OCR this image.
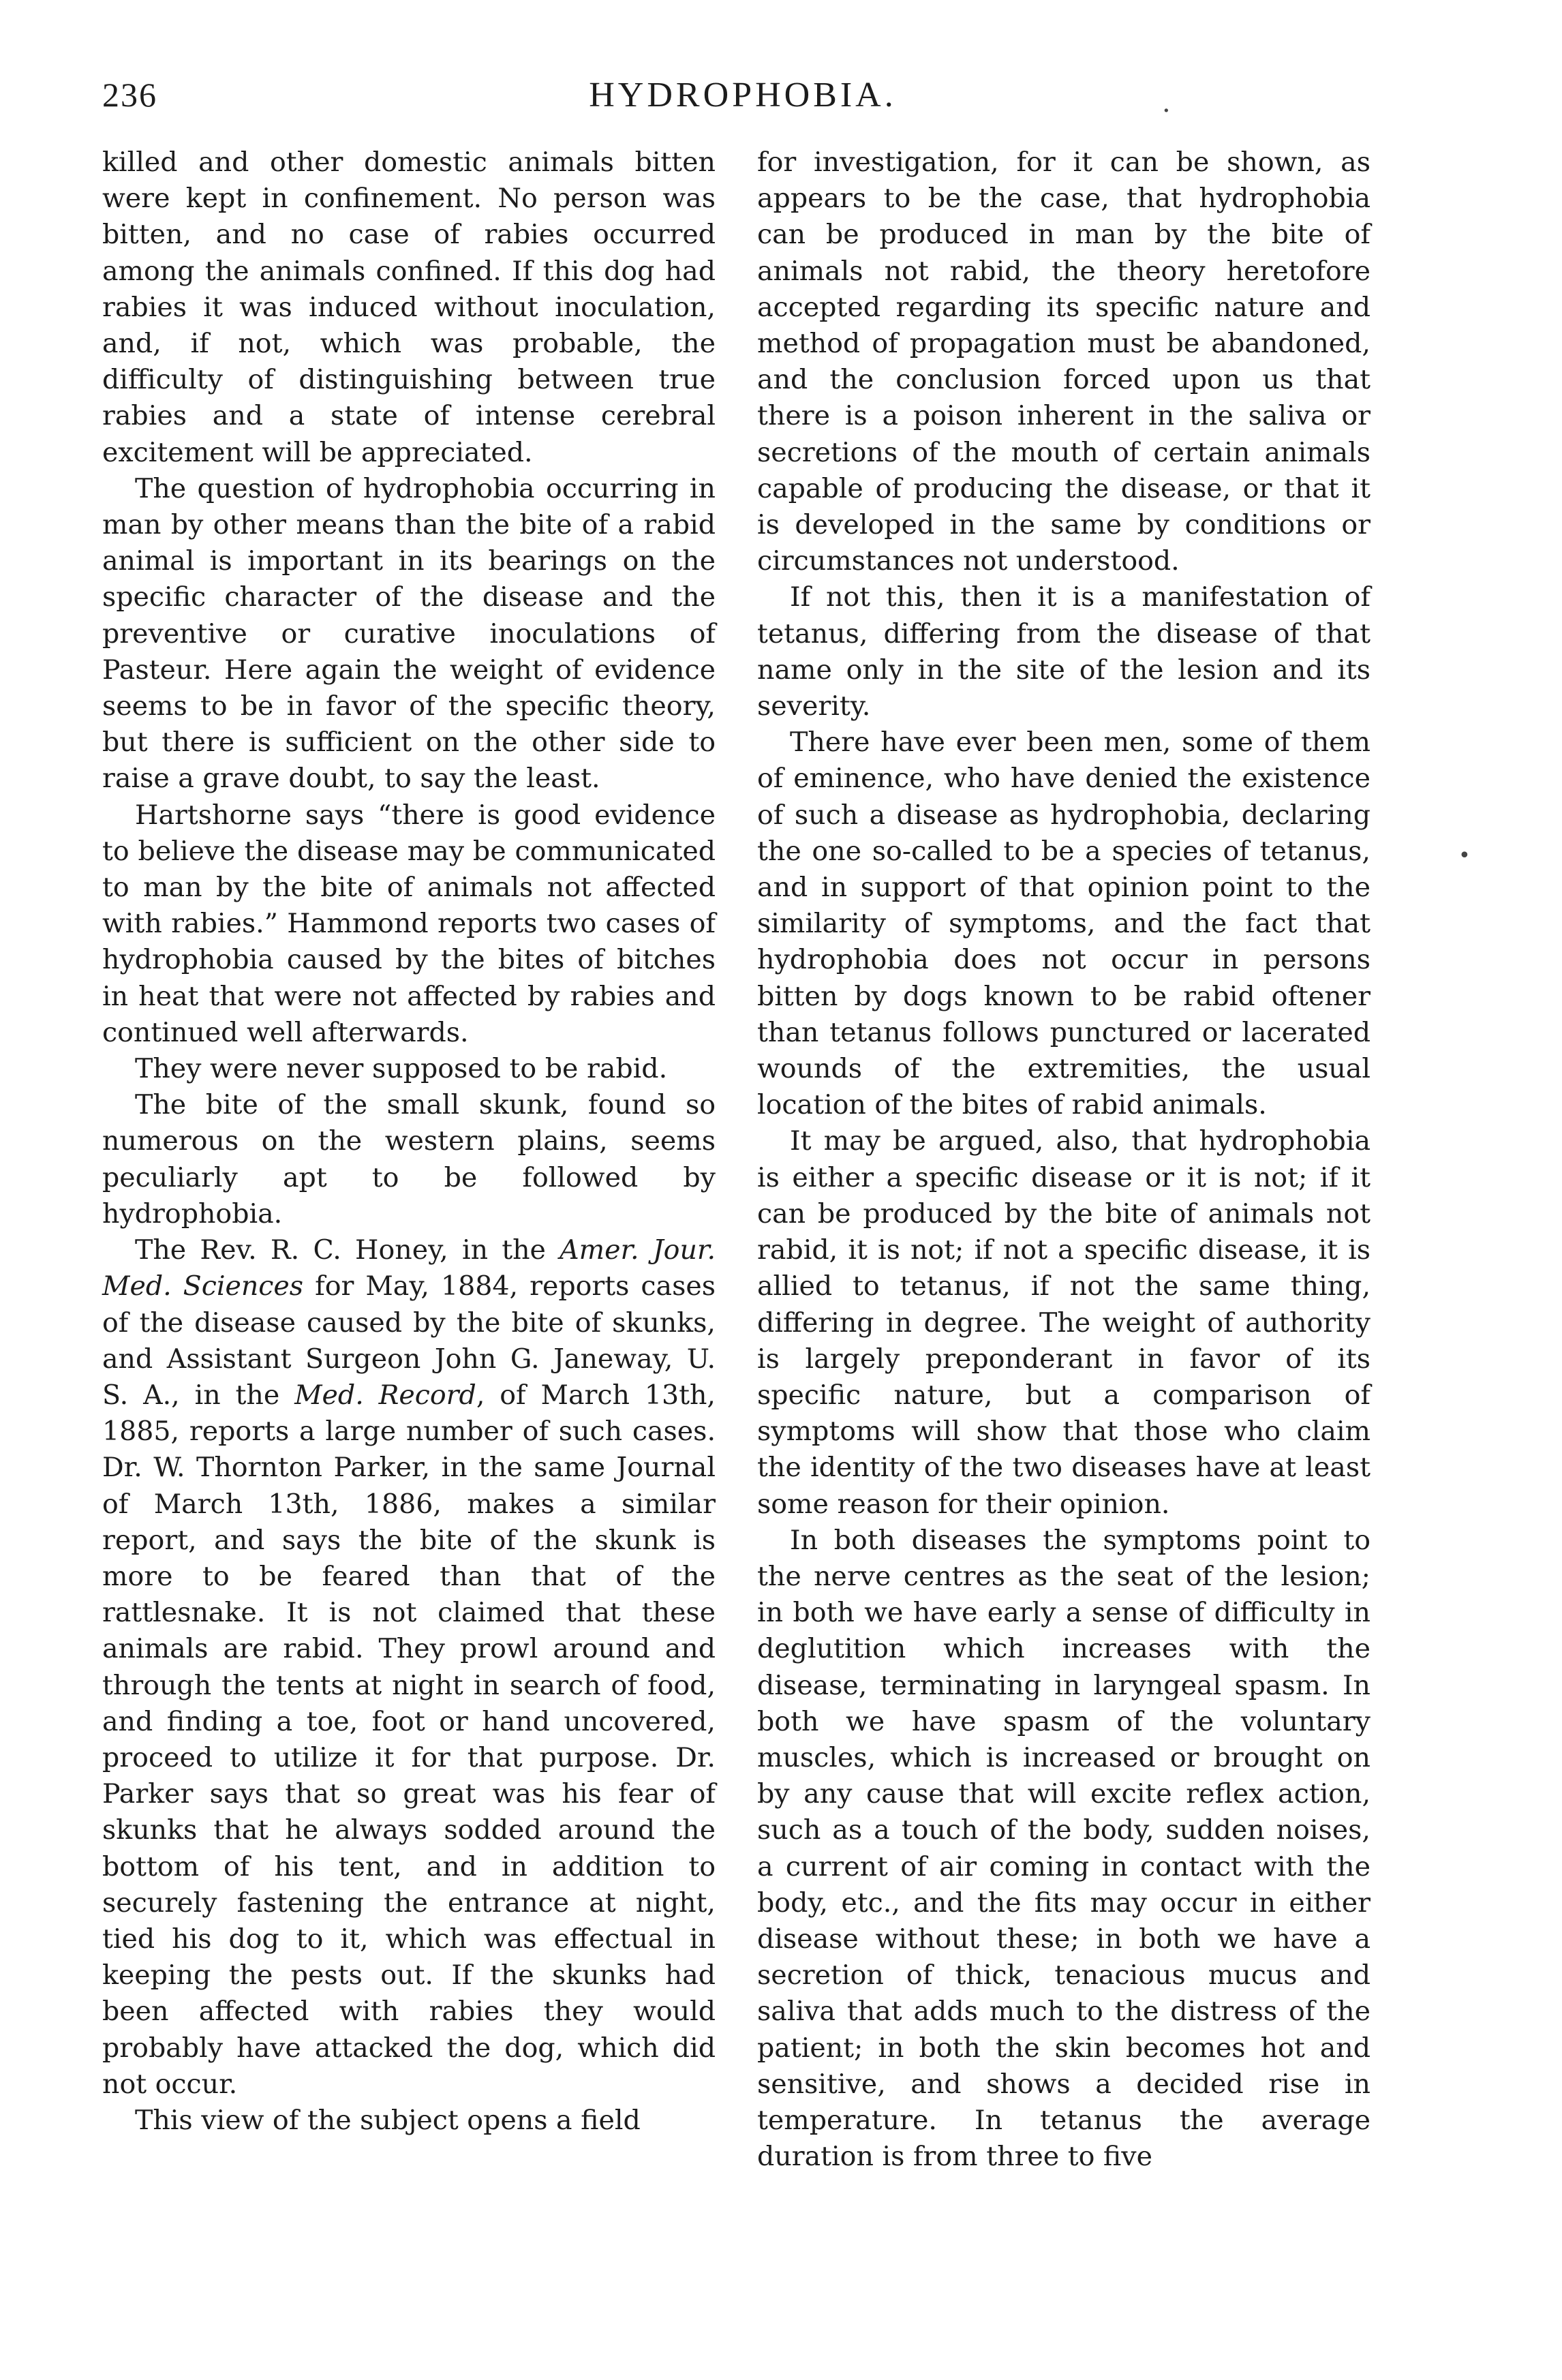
236	HYDROPHOBIA.

killed and other domestic animals bitten were kept in confinement. No person was bitten, and no case of rabies occurred among the animals confined. If this dog had rabies it was induced without inoculation, and, if not, which was probable, the difficulty of distinguishing between true rabies and a state of intense cerebral excitement will be appreciated.

The question of hydrophobia occurring in man by other means than the bite of a rabid animal is important in its bearings on the specific character of the disease and the preventive or curative inoculations of Pasteur. Here again the weight of evidence seems to be in favor of the specific theory, but there is sufficient on the other side to raise a grave doubt, to say the least.

Hartshorne says “there is good evidence to believe the disease may be communicated to man by the bite of animals not affected with rabies.” Hammond reports two cases of hydrophobia caused by the bites of bitches in heat that were not affected by rabies and continued well afterwards.

They were never supposed to be rabid.

The bite of the small skunk, found so numerous on the western plains, seems peculiarly apt to be followed by hydrophobia.

The Rev. R. C. Honey, in the Amer. Jour. Med. Sciences for May, 1884, reports cases of the disease caused by the bite of skunks, and Assistant Surgeon John G. Janeway, U. S. A., in the Med. Record, of March 13th, 1885, reports a large number of such cases. Dr. W. Thornton Parker, in the same Journal of March 13th, 1886, makes a similar report, and says the bite of the skunk is more to be feared than that of the rattlesnake. It is not claimed that these animals are rabid. They prowl around and through the tents at night in search of food, and finding a toe, foot or hand uncovered, proceed to utilize it for that purpose. Dr. Parker says that so great was his fear of skunks that he always sodded around the bottom of his tent, and in addition to securely fastening the entrance at night, tied his dog to it, which was effectual in keeping the pests out. If the skunks had been affected with rabies they would probably have attacked the dog, which did not occur.

This view of the subject opens a field

for investigation, for it can be shown, as appears to be the case, that hydrophobia can be produced in man by the bite of animals not rabid, the theory heretofore accepted regarding its specific nature and method of propagation must be abandoned, and the conclusion forced upon us that there is a poison inherent in the saliva or secretions of the mouth of certain animals capable of producing the disease, or that it is developed in the same by conditions or circumstances not understood.

If not this, then it is a manifestation of tetanus, differing from the disease of that name only in the site of the lesion and its severity.

There have ever been men, some of them of eminence, who have denied the existence of such a disease as hydrophobia, declaring the one so-called to be a species of tetanus, and in support of that opinion point to the similarity of symptoms, and the fact that hydrophobia does not occur in persons bitten by dogs known to be rabid oftener than tetanus follows punctured or lacerated wounds of the extremities, the usual location of the bites of rabid animals.

It may be argued, also, that hydrophobia is either a specific disease or it is not; if it can be produced by the bite of animals not rabid, it is not; if not a specific disease, it is allied to tetanus, if not the same thing, differing in degree. The weight of authority is largely preponderant in favor of its specific nature, but a comparison of symptoms will show that those who claim the identity of the two diseases have at least some reason for their opinion.

In both diseases the symptoms point to the nerve centres as the seat of the lesion; in both we have early a sense of difficulty in deglutition which increases with the disease, terminating in laryngeal spasm. In both we have spasm of the voluntary muscles, which is increased or brought on by any cause that will excite reflex action, such as a touch of the body, sudden noises, a current of air coming in contact with the body, etc., and the fits may occur in either disease without these; in both we have a secretion of thick, tenacious mucus and saliva that adds much to the distress of the patient; in both the skin becomes hot and sensitive, and shows a decided rise in temperature. In tetanus the average duration is from three to five

·
•
